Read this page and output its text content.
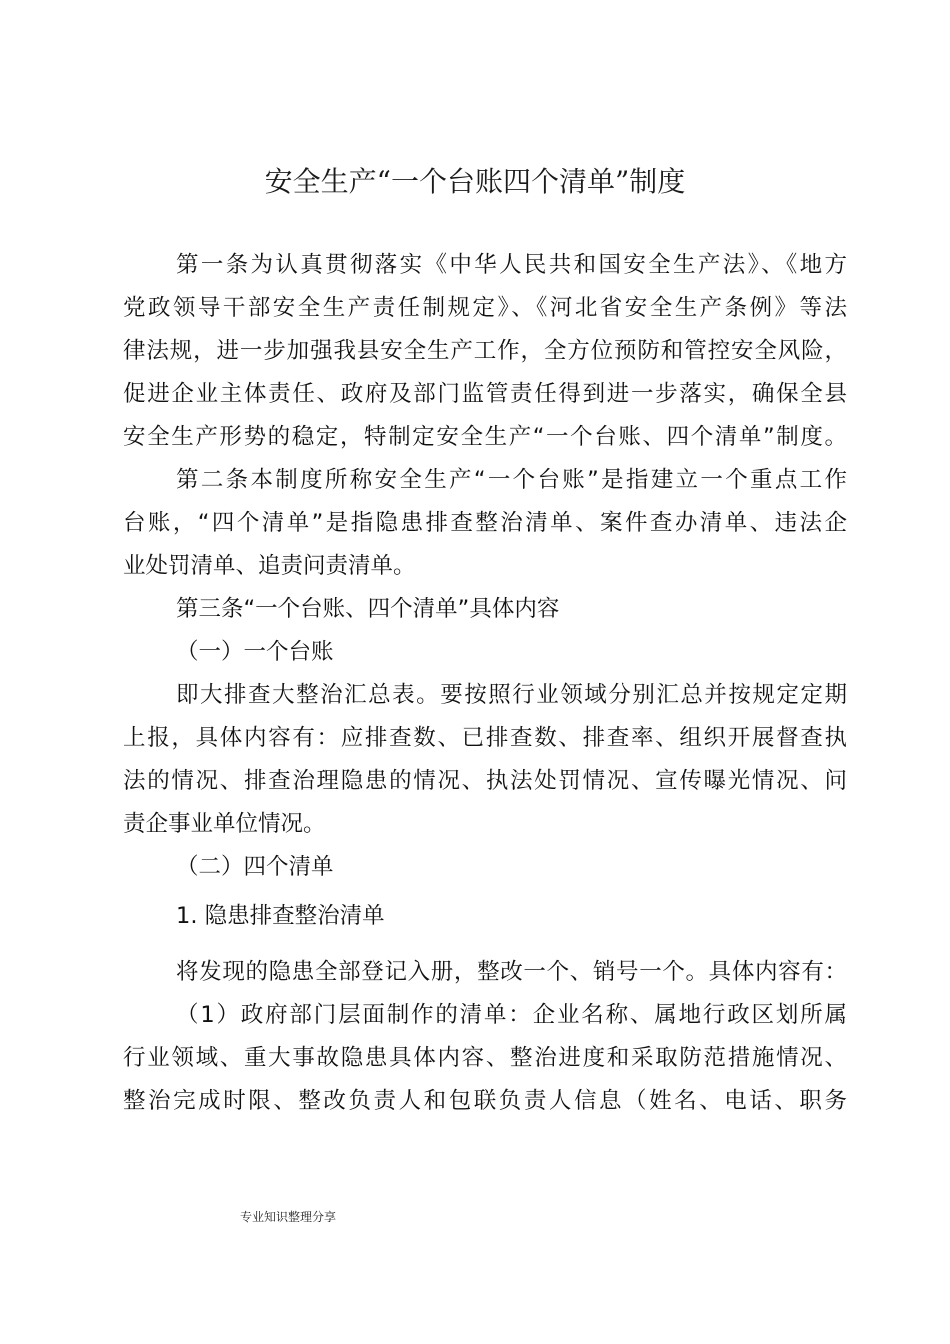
安全生产“一个台账四个清单”制度
第一条为认真贯彻落实《中华人民共和国安全生产法》、《地方
党政领导干部安全生产责任制规定》、《河北省安全生产条例》等法
律法规，进一步加强我县安全生产工作，全方位预防和管控安全风险，
促进企业主体责任、政府及部门监管责任得到进一步落实，确保全县
安全生产形势的稳定，特制定安全生产“一个台账、四个清单”制度。
第二条本制度所称安全生产“一个台账”是指建立一个重点工作
台账，“四个清单”是指隐患排查整治清单、案件查办清单、违法企
业处罚清单、追责问责清单。
第三条“一个台账、四个清单”具体内容
（一）一个台账
即大排查大整治汇总表。要按照行业领域分别汇总并按规定定期
上报，具体内容有：应排查数、已排查数、排查率、组织开展督查执
法的情况、排查治理隐患的情况、执法处罚情况、宣传曝光情况、问
责企事业单位情况。
（二）四个清单
1. 隐患排查整治清单
将发现的隐患全部登记入册，整改一个、销号一个。具体内容有：
（1）政府部门层面制作的清单：企业名称、属地行政区划所属
行业领域、重大事故隐患具体内容、整治进度和采取防范措施情况、
整治完成时限、整改负责人和包联负责人信息（姓名、电话、职务
专业知识整理分享
